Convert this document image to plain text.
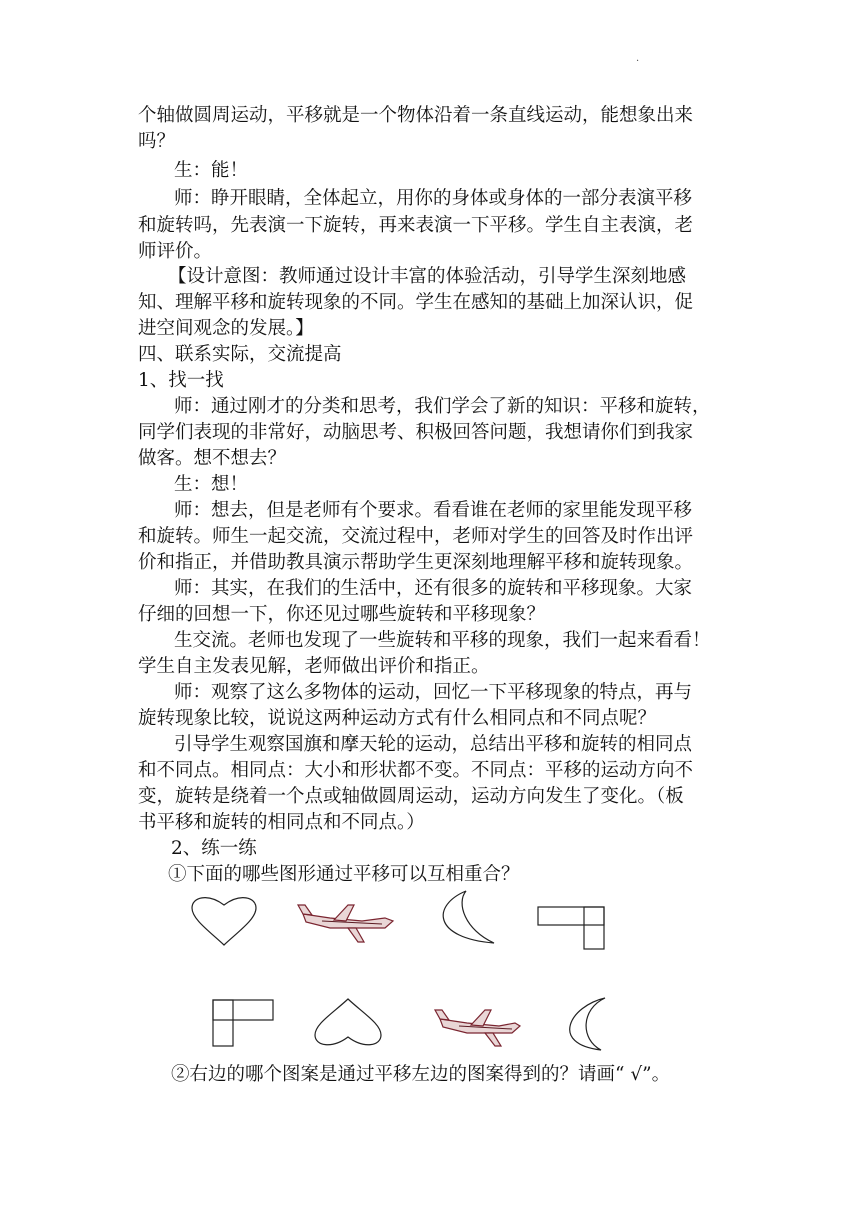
·
个轴做圆周运动，平移就是一个物体沿着一条直线运动，能想象出来
吗？
生：能！
师：睁开眼睛，全体起立，用你的身体或身体的一部分表演平移
和旋转吗，先表演一下旋转，再来表演一下平移。学生自主表演，老
师评价。
【设计意图：教师通过设计丰富的体验活动，引导学生深刻地感
知、理解平移和旋转现象的不同。学生在感知的基础上加深认识，促
进空间观念的发展。】
四、联系实际，交流提高
1、找一找
师：通过刚才的分类和思考，我们学会了新的知识：平移和旋转，
同学们表现的非常好，动脑思考、积极回答问题，我想请你们到我家
做客。想不想去？
生：想！
师：想去，但是老师有个要求。看看谁在老师的家里能发现平移
和旋转。师生一起交流，交流过程中，老师对学生的回答及时作出评
价和指正，并借助教具演示帮助学生更深刻地理解平移和旋转现象。
师：其实，在我们的生活中，还有很多的旋转和平移现象。大家
仔细的回想一下，你还见过哪些旋转和平移现象？
生交流。老师也发现了一些旋转和平移的现象，我们一起来看看！
学生自主发表见解，老师做出评价和指正。
师：观察了这么多物体的运动，回忆一下平移现象的特点，再与
旋转现象比较，说说这两种运动方式有什么相同点和不同点呢？
引导学生观察国旗和摩天轮的运动，总结出平移和旋转的相同点
和不同点。相同点：大小和形状都不变。不同点：平移的运动方向不
变，旋转是绕着一个点或轴做圆周运动，运动方向发生了变化。（板
书平移和旋转的相同点和不同点。）
2、练一练
①下面的哪些图形通过平移可以互相重合？
②右边的哪个图案是通过平移左边的图案得到的？请画“ √”。
